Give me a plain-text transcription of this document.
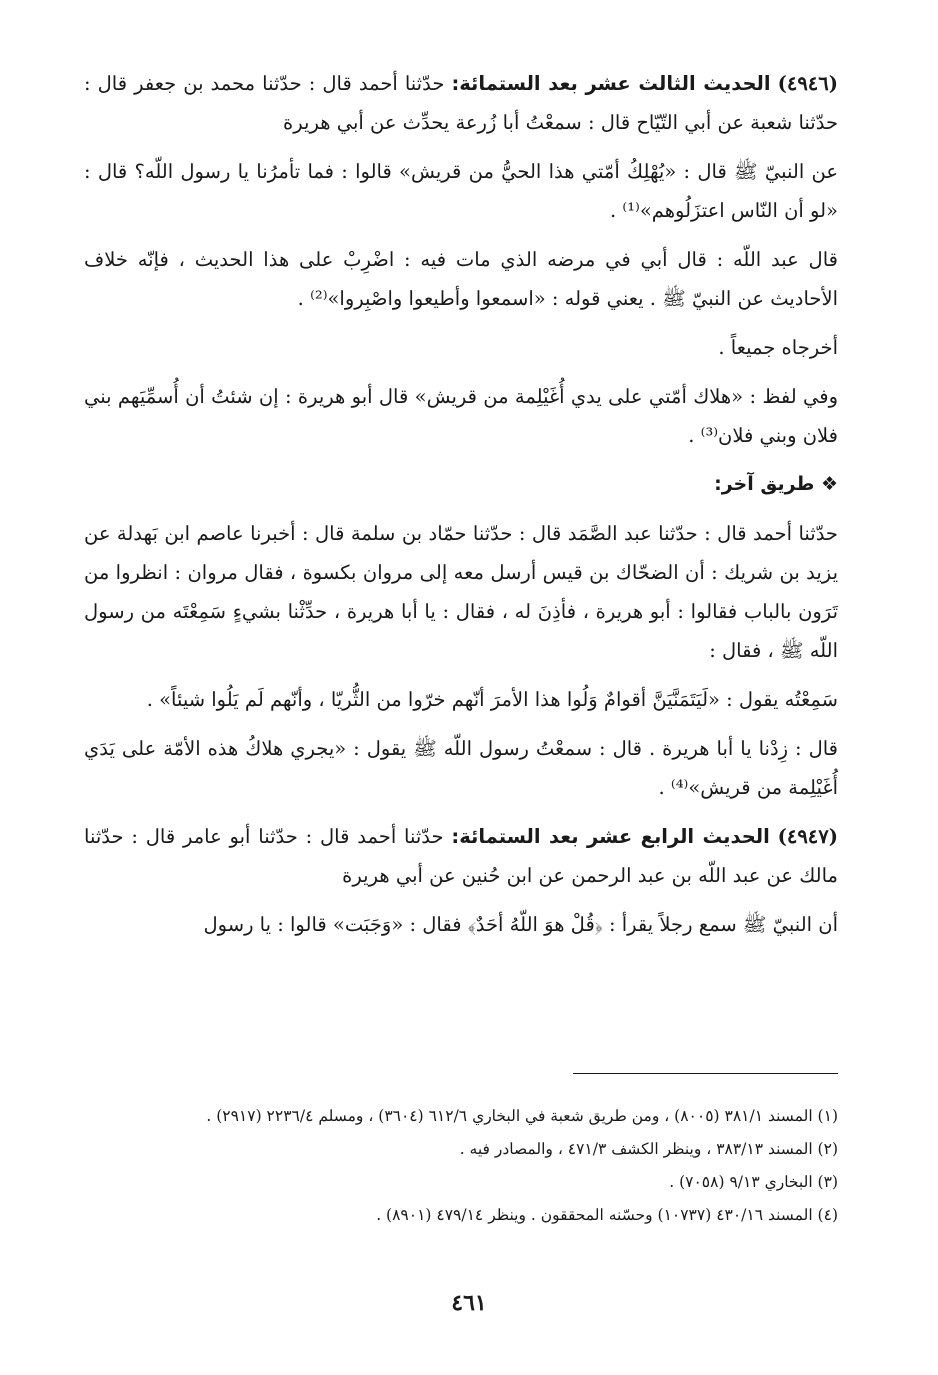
(٤٩٤٦) الحديث الثالث عشر بعد الستمائة: حدّثنا أحمد قال : حدّثنا محمد بن جعفر قال : حدّثنا شعبة عن أبي التّيّاح قال : سمعْتُ أبا زُرعة يحدِّث عن أبي هريرة

عن النبيّ ﷺ قال : «يُهْلِكُ أمّتي هذا الحيُّ من قريش» قالوا : فما تأمرُنا يا رسول اللّه؟ قال : «لو أن النّاس اعتزَلُوهم»⁽¹⁾ .

قال عبد اللّه : قال أبي في مرضه الذي مات فيه : اضْرِبْ على هذا الحديث ، فإنّه خلاف الأحاديث عن النبيّ ﷺ . يعني قوله : «اسمعوا وأطيعوا واصْبِروا»⁽²⁾ .

أخرجاه جميعاً .

وفي لفظ : «هلاك أمّتي على يدي أُغَيْلِمة من قريش» قال أبو هريرة : إن شئتُ أن أُسمِّيَهم بني فلان وبني فلان⁽³⁾ .

❖ طريق آخر:

حدّثنا أحمد قال : حدّثنا عبد الصَّمَد قال : حدّثنا حمّاد بن سلمة قال : أخبرنا عاصم ابن بَهدلة عن يزيد بن شريك : أن الضحّاك بن قيس أرسل معه إلى مروان بكسوة ، فقال مروان : انظروا من تَرَون بالباب فقالوا : أبو هريرة ، فأذِنَ له ، فقال : يا أبا هريرة ، حدِّثْنا بشيءٍ سَمِعْتَه من رسول اللّه ﷺ ، فقال :

سَمِعْتُه يقول : «لَيَتَمَنَّيَنَّ أقوامٌ وَلُوا هذا الأمرَ أنّهم خرّوا من الثُّريّا ، وأنّهم لَم يَلُوا شيئاً» .

قال : زِدْنا يا أبا هريرة . قال : سمعْتُ رسول اللّه ﷺ يقول : «يجري هلاكُ هذه الأمّة على يَدَي أُغَيْلِمة من قريش»⁽⁴⁾ .

(٤٩٤٧) الحديث الرابع عشر بعد الستمائة: حدّثنا أحمد قال : حدّثنا أبو عامر قال : حدّثنا مالك عن عبد اللّه بن عبد الرحمن عن ابن حُنين عن أبي هريرة

أن النبيّ ﷺ سمع رجلاً يقرأ : ﴿قُلْ هوَ اللّهُ أحَدٌ﴾ فقال : «وَجَبَت» قالوا : يا رسول

(١) المسند ٣٨١/١ (٨٠٠٥) ، ومن طريق شعبة في البخاري ٦١٢/٦ (٣٦٠٤) ، ومسلم ٢٢٣٦/٤ (٢٩١٧) .
(٢) المسند ٣٨٣/١٣ ، وينظر الكشف ٤٧١/٣ ، والمصادر فيه .
(٣) البخاري ٩/١٣ (٧٠٥٨) .
(٤) المسند ٤٣٠/١٦ (١٠٧٣٧) وحسّنه المحققون . وينظر ٤٧٩/١٤ (٨٩٠١) .
٤٦١
